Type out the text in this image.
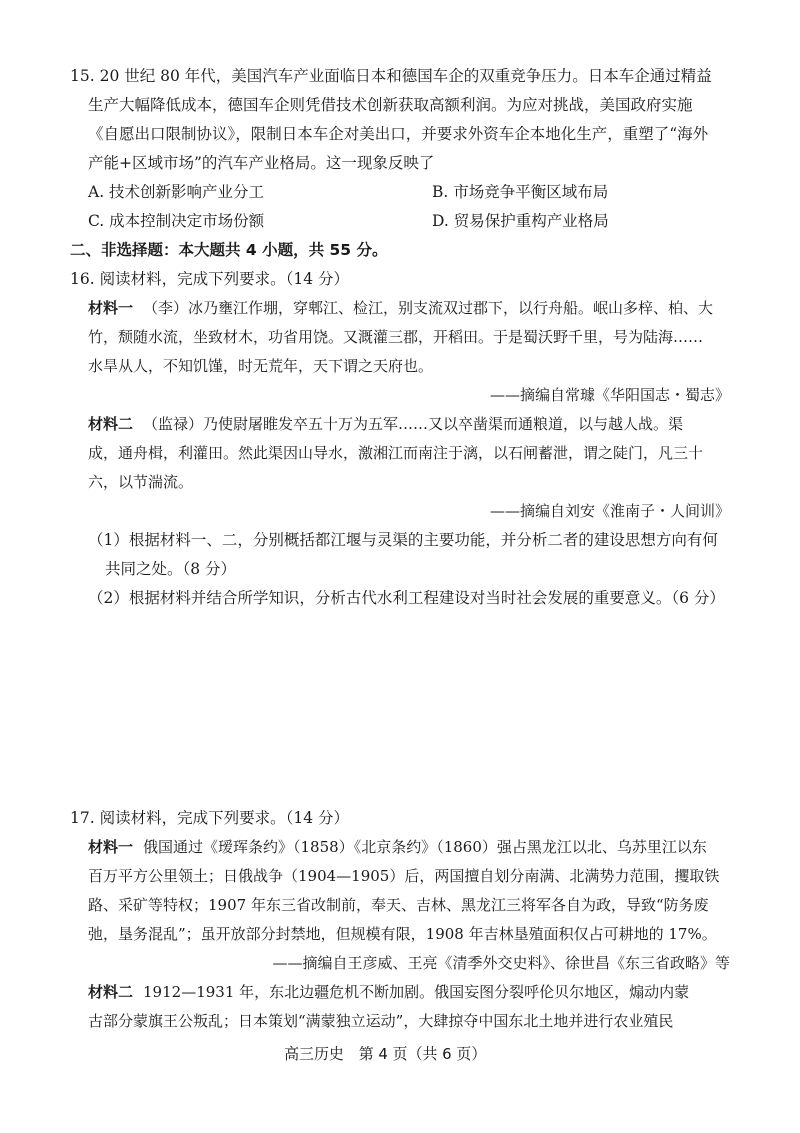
15. 20 世纪 80 年代，美国汽车产业面临日本和德国车企的双重竞争压力。日本车企通过精益
生产大幅降低成本，德国车企则凭借技术创新获取高额利润。为应对挑战，美国政府实施
《自愿出口限制协议》，限制日本车企对美出口，并要求外资车企本地化生产，重塑了“海外
产能+区域市场”的汽车产业格局。这一现象反映了
A. 技术创新影响产业分工	B. 市场竞争平衡区域布局
C. 成本控制决定市场份额	D. 贸易保护重构产业格局
二、非选择题：本大题共 4 小题，共 55 分。
16. 阅读材料，完成下列要求。（14 分）
材料一 （李）冰乃壅江作堋，穿郫江、检江，别支流双过郡下，以行舟船。岷山多梓、柏、大
竹，颓随水流，坐致材木，功省用饶。又溉灌三郡，开稻田。于是蜀沃野千里，号为陆海……
水旱从人，不知饥馑，时无荒年，天下谓之天府也。
——摘编自常璩《华阳国志・蜀志》
材料二 （监禄）乃使尉屠睢发卒五十万为五军……又以卒凿渠而通粮道，以与越人战。渠
成，通舟楫，利灌田。然此渠因山导水，激湘江而南注于漓，以石闸蓄泄，谓之陡门，凡三十
六，以节湍流。
——摘编自刘安《淮南子・人间训》
（1）根据材料一、二，分别概括都江堰与灵渠的主要功能，并分析二者的建设思想方向有何
共同之处。（8 分）
（2）根据材料并结合所学知识，分析古代水利工程建设对当时社会发展的重要意义。（6 分）
17. 阅读材料，完成下列要求。（14 分）
材料一 俄国通过《瑷珲条约》（1858）《北京条约》（1860）强占黑龙江以北、乌苏里江以东
百万平方公里领土；日俄战争（1904—1905）后，两国擅自划分南满、北满势力范围，攫取铁
路、采矿等特权；1907 年东三省改制前，奉天、吉林、黑龙江三将军各自为政，导致“防务废
弛，垦务混乱”；虽开放部分封禁地，但规模有限，1908 年吉林垦殖面积仅占可耕地的 17%。
——摘编自王彦威、王亮《清季外交史料》、徐世昌《东三省政略》等
材料二 1912—1931 年，东北边疆危机不断加剧。俄国妄图分裂呼伦贝尔地区，煽动内蒙
古部分蒙旗王公叛乱；日本策划“满蒙独立运动”，大肆掠夺中国东北土地并进行农业殖民
高三历史　第 4 页（共 6 页）
